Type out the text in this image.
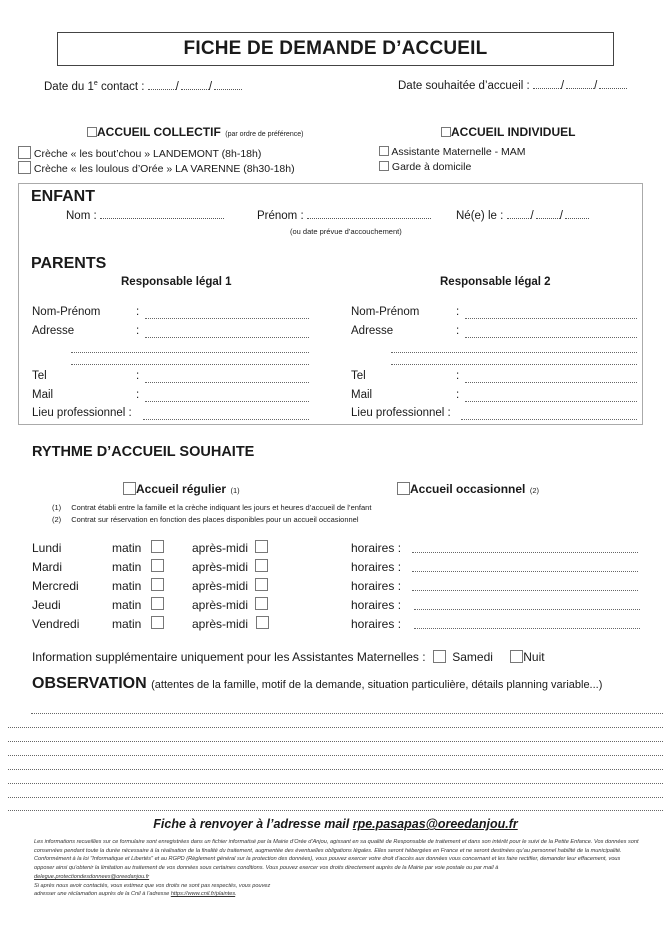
FICHE DE DEMANDE D’ACCUEIL
Date du 1e contact :	/	/	Date souhaitée d’accueil :	/	/
ACCUEIL COLLECTIF (par ordre de préférence)	ACCUEIL INDIVIDUEL
Crèche « les bout’chou » LANDEMONT (8h-18h)
Crèche « les loulous d’Orée » LA VARENNE (8h30-18h)
Assistante Maternelle - MAM
Garde à domicile
ENFANT
Nom :	Prénom :	Né(e) le : / /
(ou date prévue d’accouchement)
PARENTS
Responsable légal 1	Responsable légal 2
Nom-Prénom	:
Adresse	:
Tel	:
Mail	:
Lieu professionnel :
Nom-Prénom	:
Adresse	:
Tel	:
Mail	:
Lieu professionnel :
RYTHME D’ACCUEIL SOUHAITE
Accueil régulier (1)	Accueil occasionnel (2)
(1) Contrat établi entre la famille et la crèche indiquant les jours et heures d’accueil de l’enfant
(2) Contrat sur réservation en fonction des places disponibles pour un accueil occasionnel
Lundi	matin	après-midi	horaires :
Mardi	matin	après-midi	horaires :
Mercredi	matin	après-midi	horaires :
Jeudi	matin	après-midi	horaires :
Vendredi	matin	après-midi	horaires :
Information supplémentaire uniquement pour les Assistantes Maternelles : Samedi	Nuit
OBSERVATION (attentes de la famille, motif de la demande, situation particulière, détails planning variable...)
Fiche à renvoyer à l’adresse mail rpe.pasapas@oreedanjou.fr
Les informations recueillies sur ce formulaire sont enregistrées dans un fichier informatisé par la Mairie d’Orée d’Anjou, agissant en sa qualité de Responsable de traitement et dans son intérêt pour le suivi de la Petite Enfance. Vos données sont conservées pendant toute la durée nécessaire à la réalisation de la finalité du traitement, augmentée des éventuelles obligations légales. Elles seront hébergées en France et ne seront destinées qu’au personnel habilité de la municipalité.
Conformément à la loi "Informatique et Libertés" et au RGPD (Règlement général sur la protection des données), vous pouvez exercer votre droit d’accès aux données vous concernant et les faire rectifier, demander leur effacement, vous opposer ainsi qu’obtenir la limitation au traitement de vos données sous certaines conditions. Vous pouvez exercer vos droits directement auprès de la Mairie par voie postale ou par mail à
delegue.protectiondesdonnees@oreedanjou.fr
Si après nous avoir contactés, vous estimez que vos droits ne sont pas respectés, vous pouvez
adresser une réclamation auprès de la Cnil à l’adresse https://www.cnil.fr/plaintes.
